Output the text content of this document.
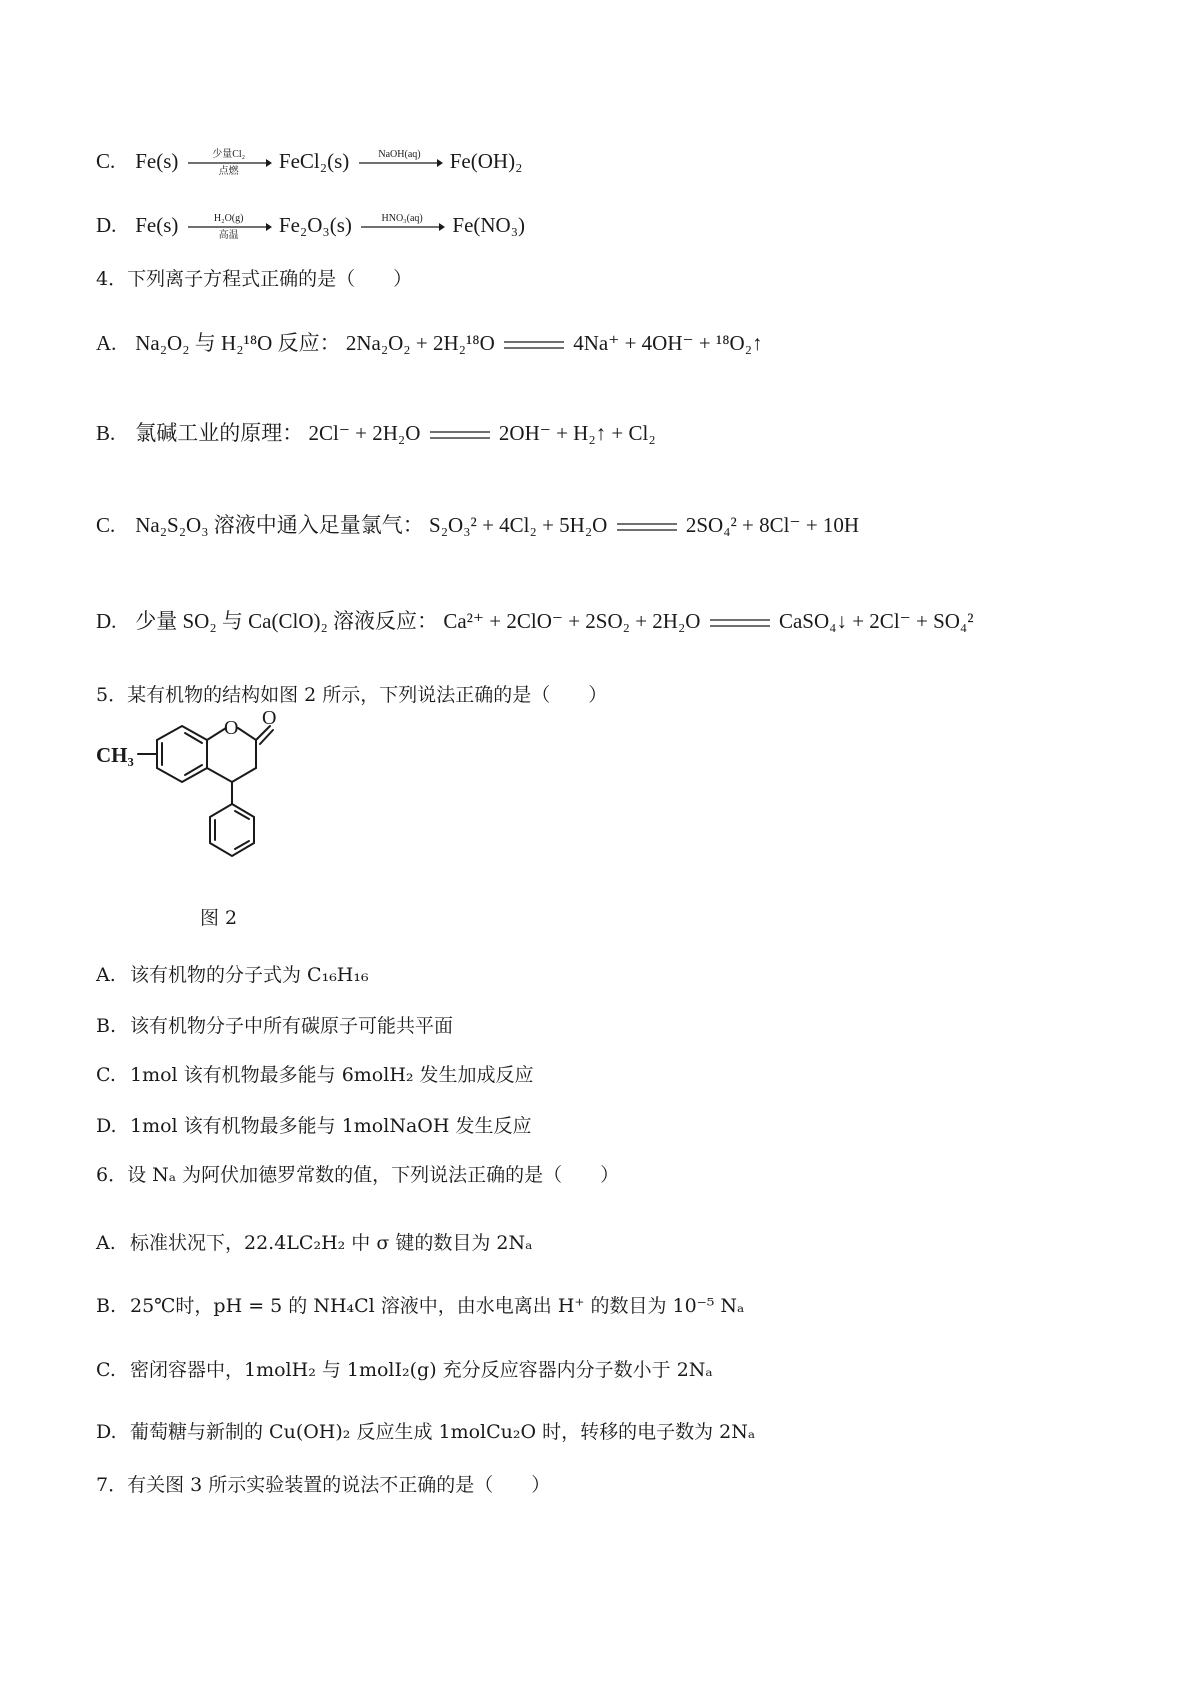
C. Fe(s)	少量Cl₂
点燃	FeCl₂(s)	NaOH(aq)	Fe(OH)₂
D. Fe(s)	H₂O(g)
高温	Fe₂O₃(s)	HNO₃(aq)	Fe(NO₃)
4．下列离子方程式正确的是（　　）
A. Na₂O₂ 与 H₂¹⁸O 反应： 2Na₂O₂ + 2H₂¹⁸O	4Na⁺ + 4OH⁻ + ¹⁸O₂↑
B. 氯碱工业的原理： 2Cl⁻ + 2H₂O	2OH⁻ + H₂↑ + Cl₂
C. Na₂S₂O₃ 溶液中通入足量氯气： S₂O₃² + 4Cl₂ + 5H₂O	2SO₄² + 8Cl⁻ + 10H
D. 少量 SO₂ 与 Ca(ClO)₂ 溶液反应： Ca²⁺ + 2ClO⁻ + 2SO₂ + 2H₂O	CaSO₄↓ + 2Cl⁻ + SO₄²
5．某有机物的结构如图 2 所示，下列说法正确的是（　　）
O O
CH₃
图 2
A. 该有机物的分子式为 C₁₆H₁₆
B. 该有机物分子中所有碳原子可能共平面
C. 1mol 该有机物最多能与 6molH₂ 发生加成反应
D. 1mol 该有机物最多能与 1molNaOH 发生反应
6．设 Nₐ 为阿伏加德罗常数的值，下列说法正确的是（　　）
A. 标准状况下，22.4LC₂H₂ 中 σ 键的数目为 2Nₐ
B. 25℃时，pH = 5 的 NH₄Cl 溶液中，由水电离出 H⁺ 的数目为 10⁻⁵ Nₐ
C. 密闭容器中，1molH₂ 与 1molI₂(g) 充分反应容器内分子数小于 2Nₐ
D. 葡萄糖与新制的 Cu(OH)₂ 反应生成 1molCu₂O 时，转移的电子数为 2Nₐ
7．有关图 3 所示实验装置的说法不正确的是（　　）
